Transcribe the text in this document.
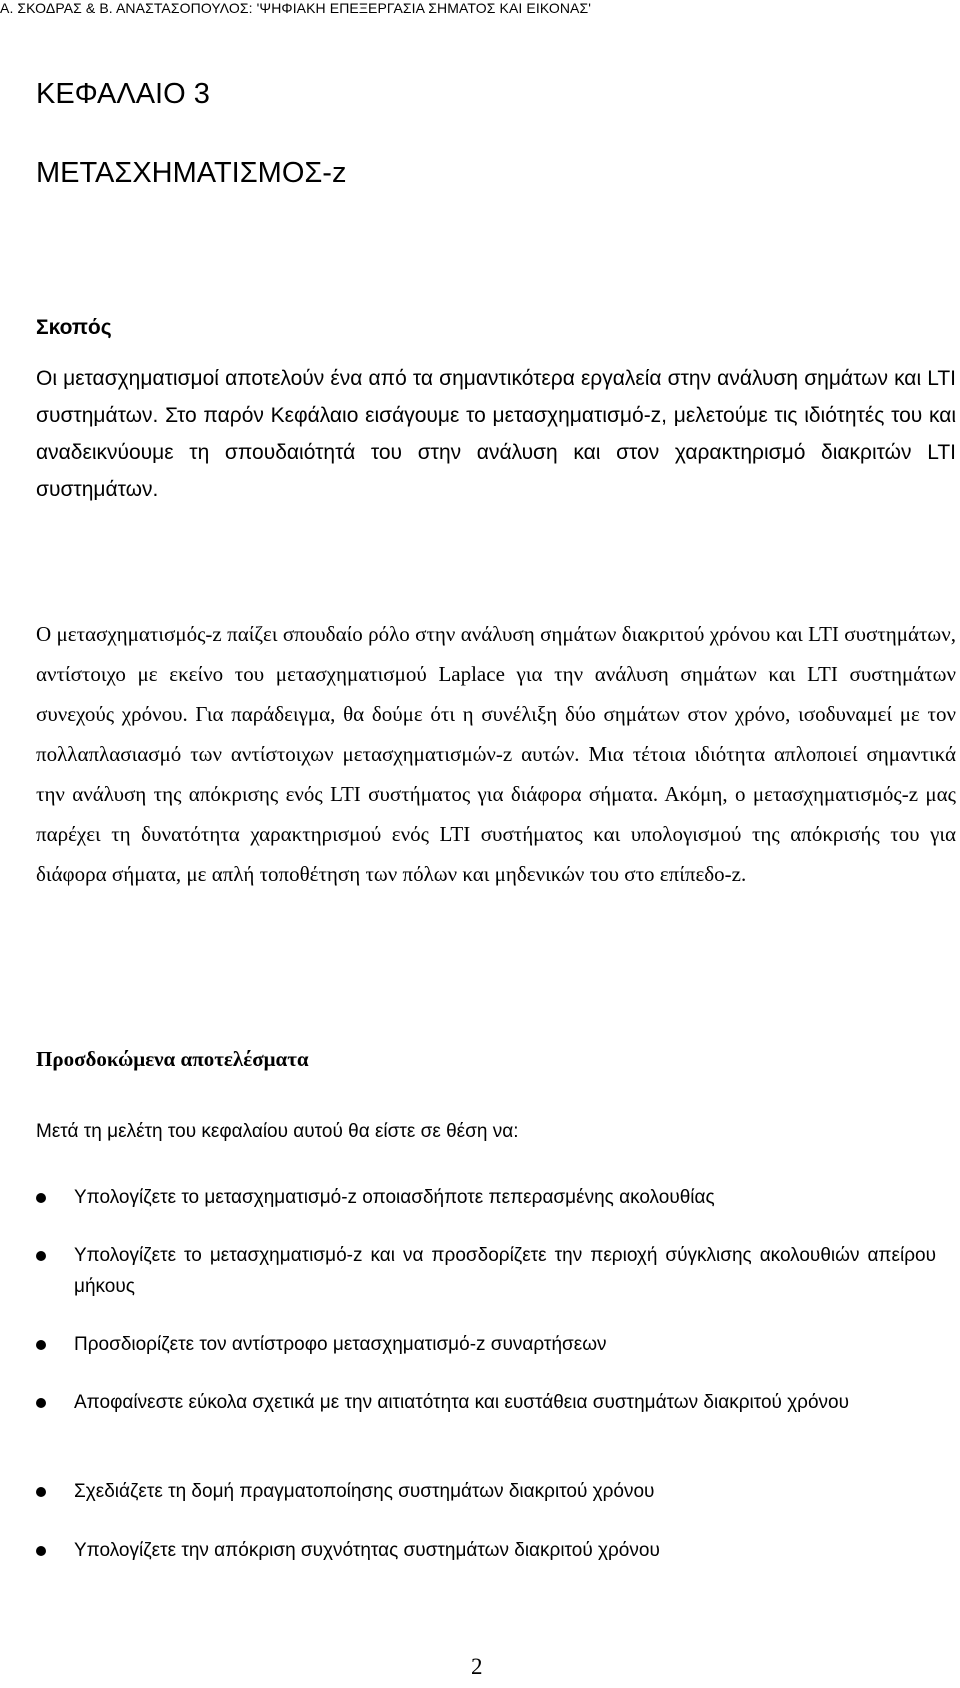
Α. ΣΚΟΔΡΑΣ & Β. ΑΝΑΣΤΑΣΟΠΟΥΛΟΣ: 'ΨΗΦΙΑΚΗ ΕΠΕΞΕΡΓΑΣΙΑ ΣΗΜΑΤΟΣ ΚΑΙ ΕΙΚΟΝΑΣ'
ΚΕΦΑΛΑΙΟ 3
ΜΕΤΑΣΧΗΜΑΤΙΣΜΟΣ-z
Σκοπός

Οι μετασχηματισμοί αποτελούν ένα από τα σημαντικότερα εργαλεία στην ανάλυση σημάτων και LTI συστημάτων. Στο παρόν Κεφάλαιο εισάγουμε το μετασχηματισμό-z, μελετούμε τις ιδιότητές του και αναδεικνύουμε τη σπουδαιότητά του στην ανάλυση και στον χαρακτηρισμό διακριτών LTI συστημάτων.

Ο μετασχηματισμός-z παίζει σπουδαίο ρόλο στην ανάλυση σημάτων διακριτού χρόνου και LTI συστημάτων, αντίστοιχο με εκείνο του μετασχηματισμού Laplace για την ανάλυση σημάτων και LTI συστημάτων συνεχούς χρόνου. Για παράδειγμα, θα δούμε ότι η συνέλιξη δύο σημάτων στον χρόνο, ισοδυναμεί με τον πολλαπλασιασμό των αντίστοιχων μετασχηματισμών-z αυτών. Μια τέτοια ιδιότητα απλοποιεί σημαντικά την ανάλυση της απόκρισης ενός LTI συστήματος για διάφορα σήματα. Ακόμη, ο μετασχηματισμός-z μας παρέχει τη δυνατότητα χαρακτηρισμού ενός LTI συστήματος και υπολογισμού της απόκρισής του για διάφορα σήματα, με απλή τοποθέτηση των πόλων και μηδενικών του στο επίπεδο-z.

Προσδοκώμενα αποτελέσματα
Μετά τη μελέτη του κεφαλαίου αυτού θα είστε σε θέση να:
Υπολογίζετε το μετασχηματισμό-z οποιασδήποτε πεπερασμένης ακολουθίας
Υπολογίζετε το μετασχηματισμό-z και να προσδορίζετε την περιοχή σύγκλισης ακολουθιών απείρου μήκους
Προσδιορίζετε τον αντίστροφο μετασχηματισμό-z συναρτήσεων
Αποφαίνεστε εύκολα σχετικά με την αιτιατότητα και ευστάθεια συστημάτων διακριτού χρόνου
Σχεδιάζετε τη δομή πραγματοποίησης συστημάτων διακριτού χρόνου
Υπολογίζετε την απόκριση συχνότητας συστημάτων διακριτού χρόνου
2
